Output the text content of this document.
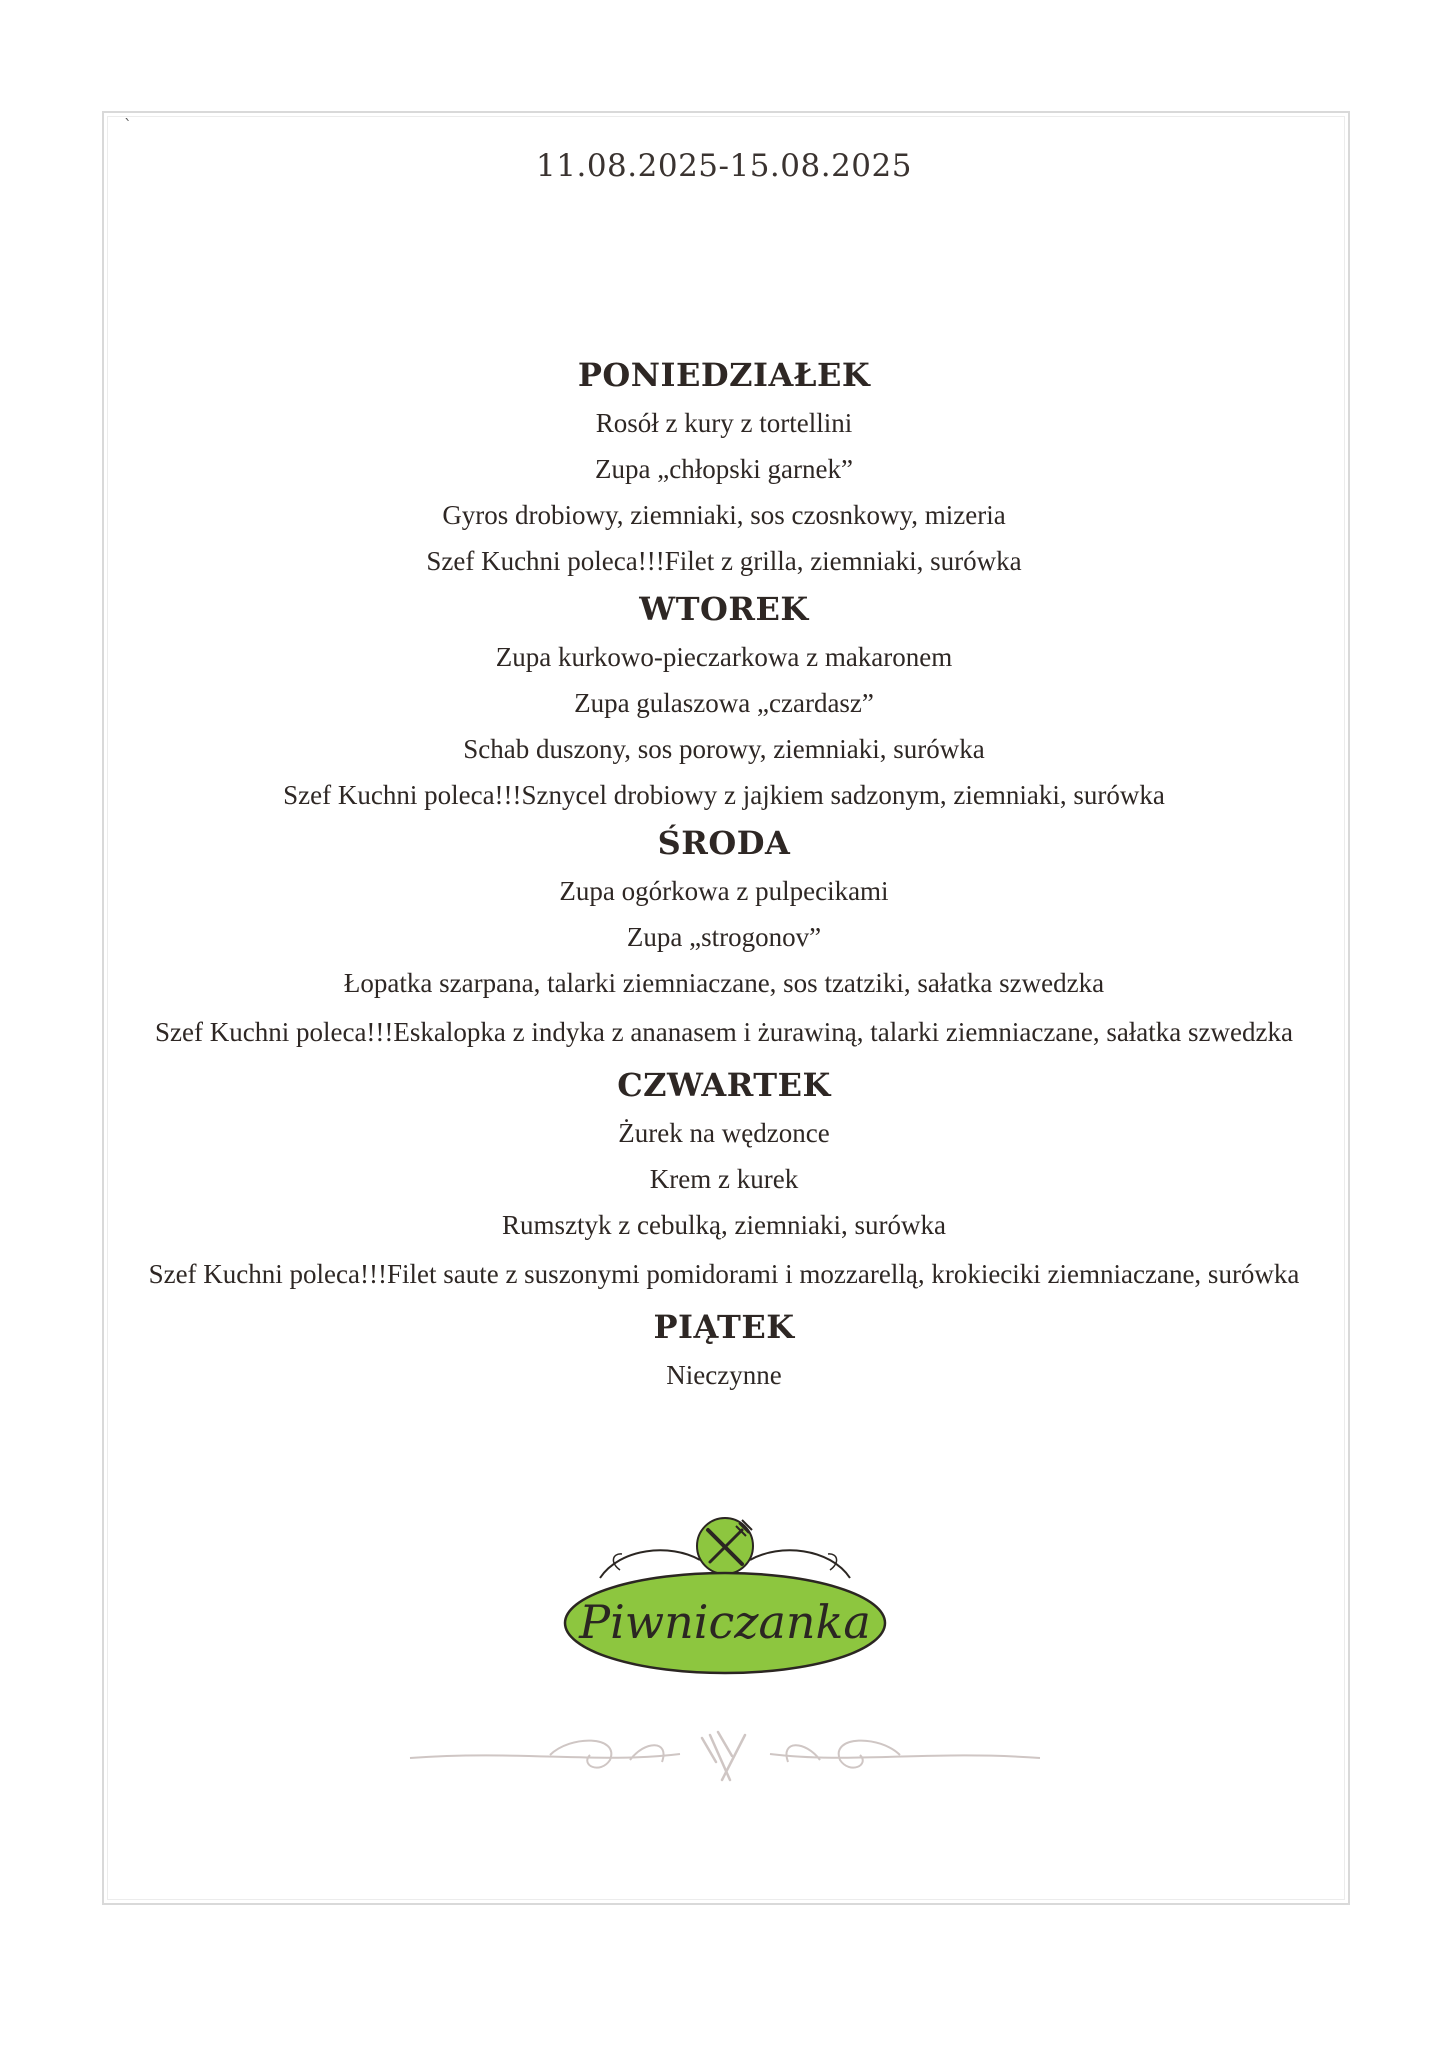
`
11.08.2025-15.08.2025
PONIEDZIAŁEK
Rosół z kury z tortellini
Zupa „chłopski garnek”
Gyros drobiowy, ziemniaki, sos czosnkowy, mizeria
Szef Kuchni poleca!!!Filet z grilla, ziemniaki, surówka
WTOREK
Zupa kurkowo-pieczarkowa z makaronem
Zupa gulaszowa „czardasz”
Schab duszony, sos porowy, ziemniaki, surówka
Szef Kuchni poleca!!!Sznycel drobiowy z jajkiem sadzonym, ziemniaki, surówka
ŚRODA
Zupa ogórkowa z pulpecikami
Zupa „strogonov”
Łopatka szarpana, talarki ziemniaczane, sos tzatziki, sałatka szwedzka
Szef Kuchni poleca!!!Eskalopka z indyka z ananasem i żurawiną, talarki ziemniaczane, sałatka szwedzka
CZWARTEK
Żurek na wędzonce
Krem z kurek
Rumsztyk z cebulką, ziemniaki, surówka
Szef Kuchni poleca!!!Filet saute z suszonymi pomidorami i mozzarellą, krokieciki ziemniaczane, surówka
PIĄTEK
Nieczynne
Piwniczanka
